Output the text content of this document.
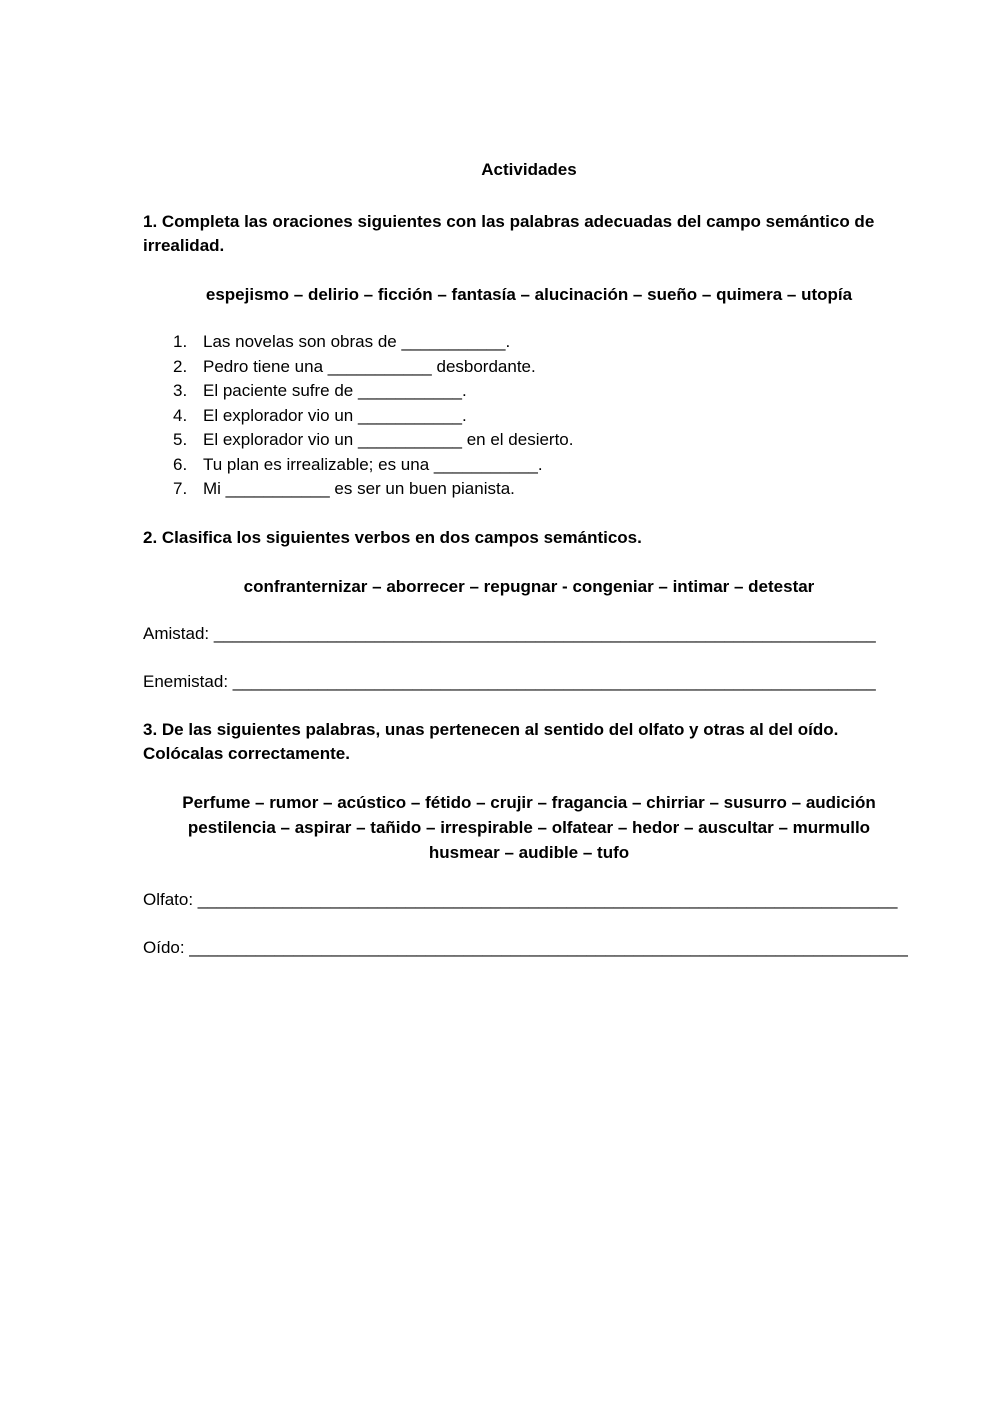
Actividades
1. Completa las oraciones siguientes con las palabras adecuadas del campo semántico de irrealidad.
espejismo – delirio – ficción – fantasía – alucinación – sueño – quimera – utopía
1. Las novelas son obras de ___________.
2. Pedro tiene una ___________ desbordante.
3. El paciente sufre de ___________.
4. El explorador vio un ___________.
5. El explorador vio un ___________ en el desierto.
6. Tu plan es irrealizable; es una ___________.
7. Mi ___________ es ser un buen pianista.
2. Clasifica los siguientes verbos en dos campos semánticos.
confranternizar – aborrecer – repugnar - congeniar – intimar – detestar
Amistad: ______________________________________________________________________
Enemistad: ____________________________________________________________________
3. De las siguientes palabras, unas pertenecen al sentido del olfato y otras al del oído.
Colócalas correctamente.
Perfume – rumor – acústico – fétido – crujir – fragancia – chirriar – susurro – audición
pestilencia – aspirar – tañido – irrespirable – olfatear – hedor – auscultar – murmullo
husmear – audible – tufo
Olfato: __________________________________________________________________________
Oído: ____________________________________________________________________________
